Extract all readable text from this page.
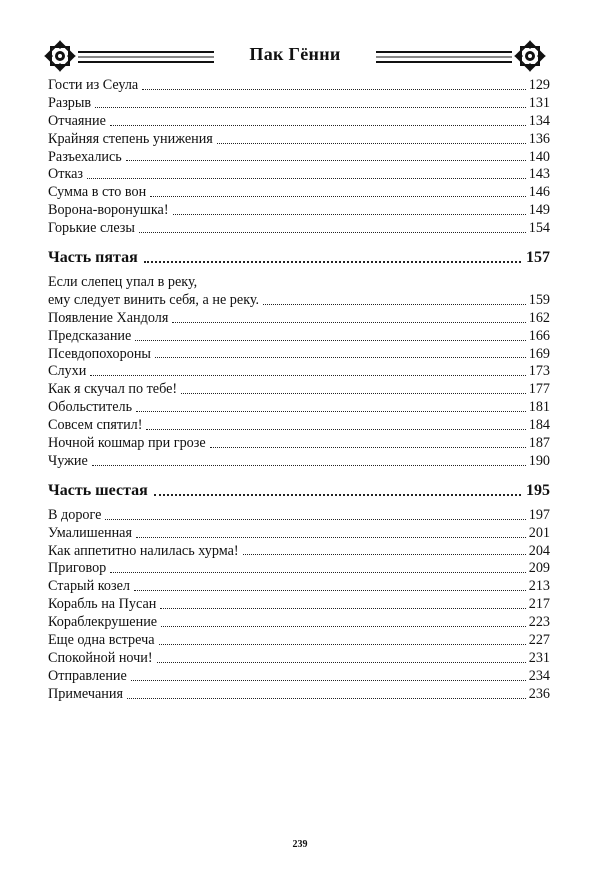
Пак Гённи
Гости из Сеула	129
Разрыв	131
Отчаяние	134
Крайняя степень унижения	136
Разъехались	140
Отказ	143
Сумма в сто вон	146
Ворона-воронушка!	149
Горькие слезы	154
Часть пятая	157
Если слепец упал в реку,
ему следует винить себя, а не реку.	159
Появление Хандоля	162
Предсказание	166
Псевдопохороны	169
Слухи	173
Как я скучал по тебе!	177
Обольститель	181
Совсем спятил!	184
Ночной кошмар при грозе	187
Чужие	190
Часть шестая	195
В дороге	197
Умалишенная	201
Как аппетитно налилась хурма!	204
Приговор	209
Старый козел	213
Корабль на Пусан	217
Кораблекрушение	223
Еще одна встреча	227
Спокойной ночи!	231
Отправление	234
Примечания	236
239
